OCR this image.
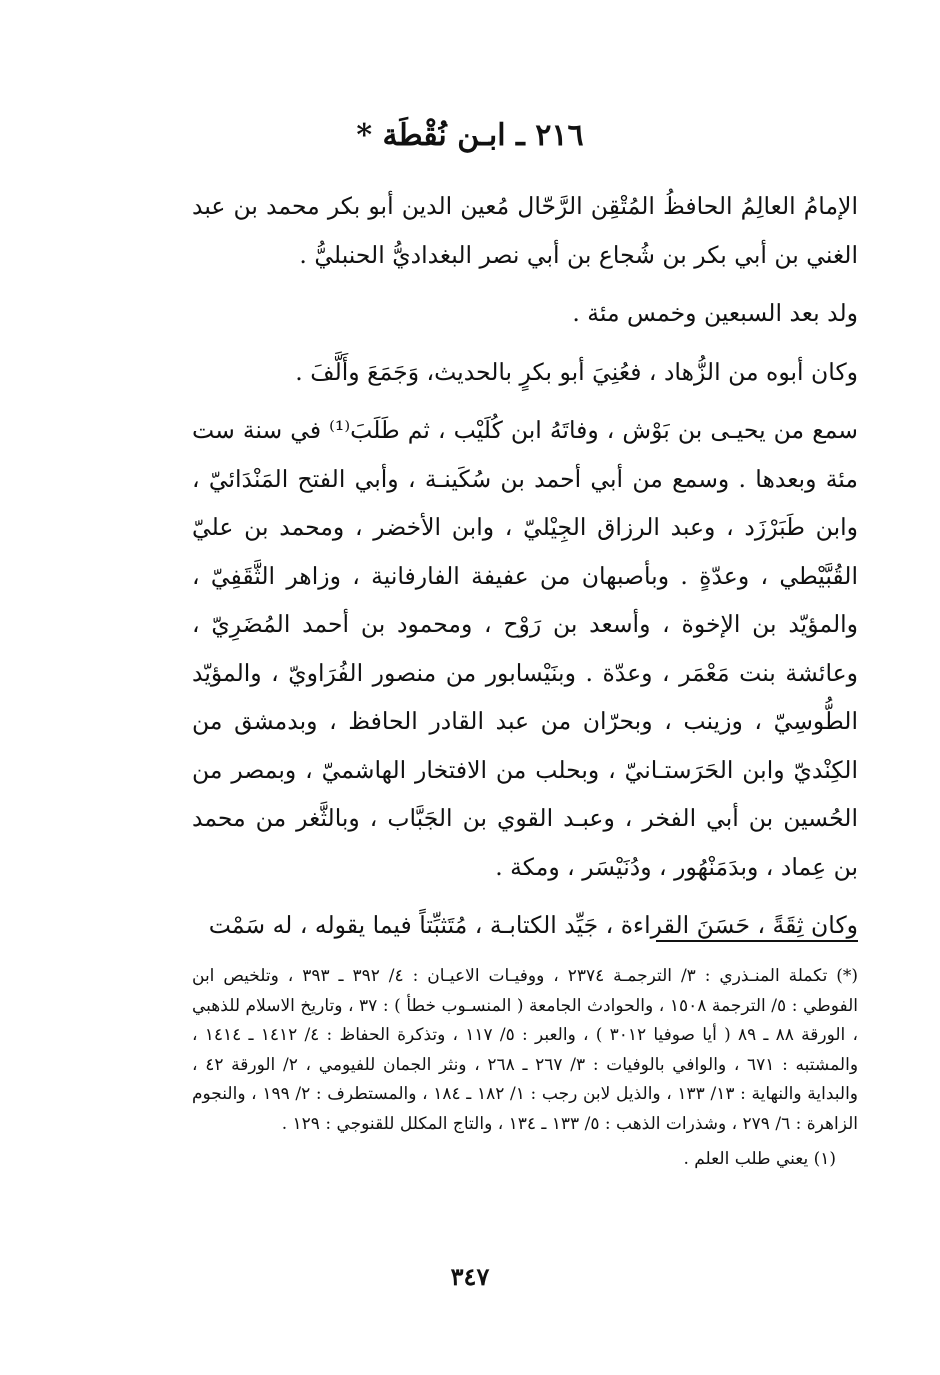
٢١٦ ـ ابـن نُقْطَة *

الإمامُ العالِمُ الحافظُ المُتْقِن الرَّحّال مُعين الدين أبو بكر محمد بن عبد الغني بن أبي بكر بن شُجاع بن أبي نصر البغداديُّ الحنبليُّ .

ولد بعد السبعين وخمس مئة .

وكان أبوه من الزُّهاد ، فعُنِيَ أبو بكرٍ بالحديث، وَجَمَعَ وأَلَّفَ .

سمع من يحيـى بن بَوْش ، وفاتَهُ ابن كُلَيْب ، ثم طَلَبَ⁽¹⁾ في سنة ست مئة وبعدها . وسمع من أبي أحمد بن سُكَينـة ، وأبي الفتح المَنْدَائيّ ، وابن طَبَرْزَد ، وعبد الرزاق الجِيْليّ ، وابن الأخضر ، ومحمد بن عليّ القُبَّيْطي ، وعدّةٍ . وبأصبهان من عفيفة الفارفانية ، وزاهر الثَّقَفِيّ ، والمؤيّد بن الإخوة ، وأسعد بن رَوْح ، ومحمود بن أحمد المُضَرِيّ ، وعائشة بنت مَعْمَر ، وعدّة . وبنَيْسابور من منصور الفُرَاويّ ، والمؤيّد الطُّوسِيّ ، وزينب ، وبحرّان من عبد القادر الحافظ ، وبدمشق من الكِنْديّ وابن الحَرَستـانيّ ، وبحلب من الافتخار الهاشميّ ، وبمصر من الحُسين بن أبي الفخر ، وعبـد القوي بن الجَبَّاب ، وبالثَّغر من محمد بن عِماد ، وبدَمَنْهُور ، ودُنَيْسَر ، ومكة .

وكان ثِقَةً ، حَسَنَ القراءة ، جَيِّد الكتابـة ، مُتَثبِّتاً فيما يقوله ، له سَمْت

(*) تكملة المنـذري : ٣/ الترجمـة ٢٣٧٤ ، ووفيـات الاعيـان : ٤/ ٣٩٢ ـ ٣٩٣ ، وتلخيص ابن الفوطي : ٥/ الترجمة ١٥٠٨ ، والحوادث الجامعة ( المنسـوب خطأ ) : ٣٧ ، وتاريخ الاسلام للذهبي ، الورقة ٨٨ ـ ٨٩ ( أيا صوفيا ٣٠١٢ ) ، والعبر : ٥/ ١١٧ ، وتذكرة الحفاظ : ٤/ ١٤١٢ ـ ١٤١٤ ، والمشتبه : ٦٧١ ، والوافي بالوفيات : ٣/ ٢٦٧ ـ ٢٦٨ ، ونثر الجمان للفيومي ، ٢/ الورقة ٤٢ ، والبداية والنهاية : ١٣/ ١٣٣ ، والذيل لابن رجب : ١/ ١٨٢ ـ ١٨٤ ، والمستطرف : ٢/ ١٩٩ ، والنجوم الزاهرة : ٦/ ٢٧٩ ، وشذرات الذهب : ٥/ ١٣٣ ـ ١٣٤ ، والتاج المكلل للقنوجي : ١٢٩ .

(١) يعني طلب العلم .

٣٤٧
